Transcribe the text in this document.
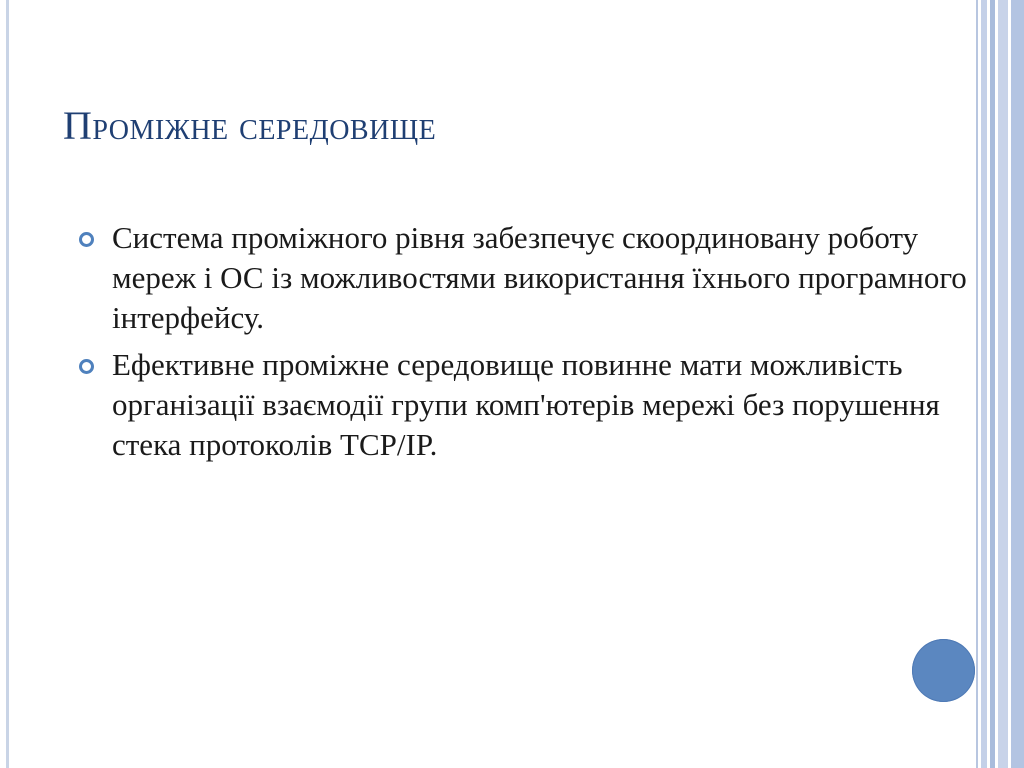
Проміжне середовище
Система проміжного рівня забезпечує скоординовану роботу мереж і ОС із можливостями використання їхнього програмного інтерфейсу.
Ефективне проміжне середовище повинне мати можливість організації взаємодії групи комп'ютерів мережі без порушення стека протоколів TCP/IP.
